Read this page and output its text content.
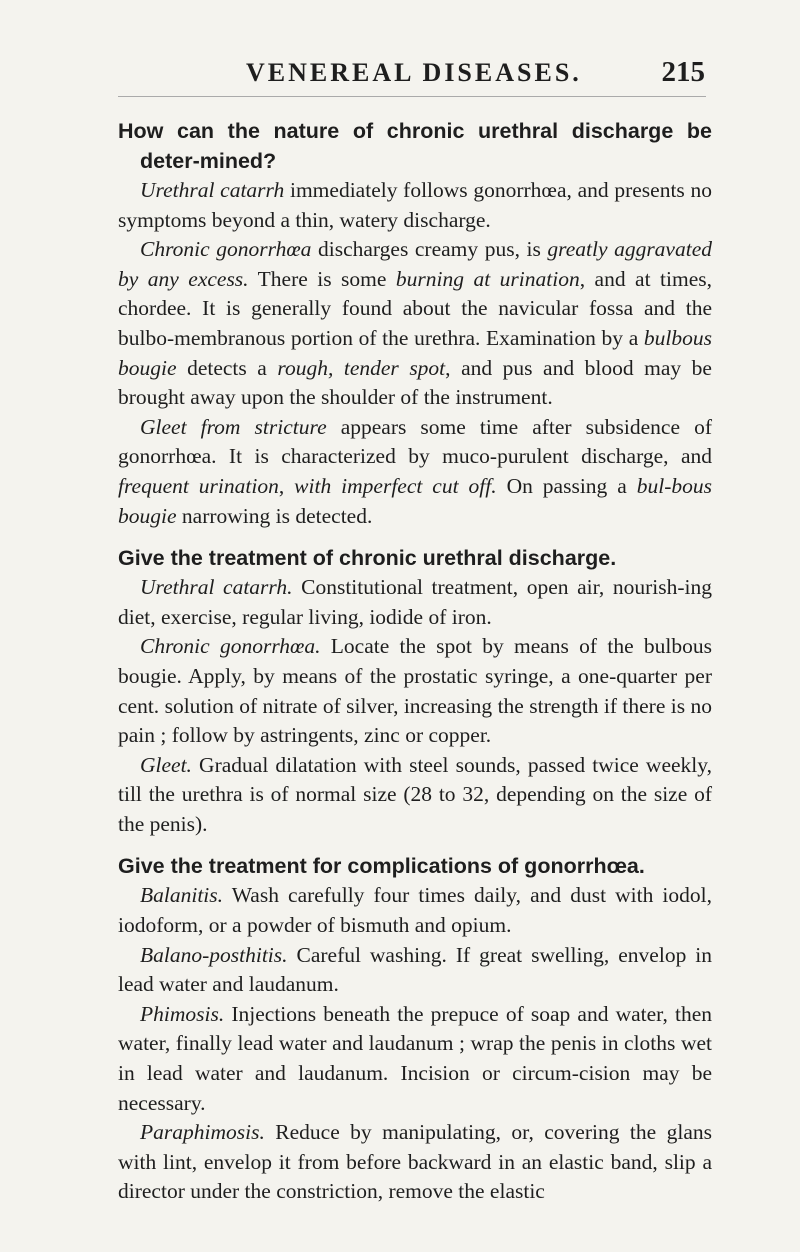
VENEREAL DISEASES.	215

How can the nature of chronic urethral discharge be deter-mined?

Urethral catarrh immediately follows gonorrhœa, and presents no symptoms beyond a thin, watery discharge.

Chronic gonorrhœa discharges creamy pus, is greatly aggravated by any excess. There is some burning at urination, and at times, chordee. It is generally found about the navicular fossa and the bulbo-membranous portion of the urethra. Examination by a bulbous bougie detects a rough, tender spot, and pus and blood may be brought away upon the shoulder of the instrument.

Gleet from stricture appears some time after subsidence of gonorrhœa. It is characterized by muco-purulent discharge, and frequent urination, with imperfect cut off. On passing a bul-bous bougie narrowing is detected.

Give the treatment of chronic urethral discharge.

Urethral catarrh. Constitutional treatment, open air, nourish-ing diet, exercise, regular living, iodide of iron.

Chronic gonorrhœa. Locate the spot by means of the bulbous bougie. Apply, by means of the prostatic syringe, a one-quarter per cent. solution of nitrate of silver, increasing the strength if there is no pain ; follow by astringents, zinc or copper.

Gleet. Gradual dilatation with steel sounds, passed twice weekly, till the urethra is of normal size (28 to 32, depending on the size of the penis).

Give the treatment for complications of gonorrhœa.

Balanitis. Wash carefully four times daily, and dust with iodol, iodoform, or a powder of bismuth and opium.

Balano-posthitis. Careful washing. If great swelling, envelop in lead water and laudanum.

Phimosis. Injections beneath the prepuce of soap and water, then water, finally lead water and laudanum ; wrap the penis in cloths wet in lead water and laudanum. Incision or circum-cision may be necessary.

Paraphimosis. Reduce by manipulating, or, covering the glans with lint, envelop it from before backward in an elastic band, slip a director under the constriction, remove the elastic
